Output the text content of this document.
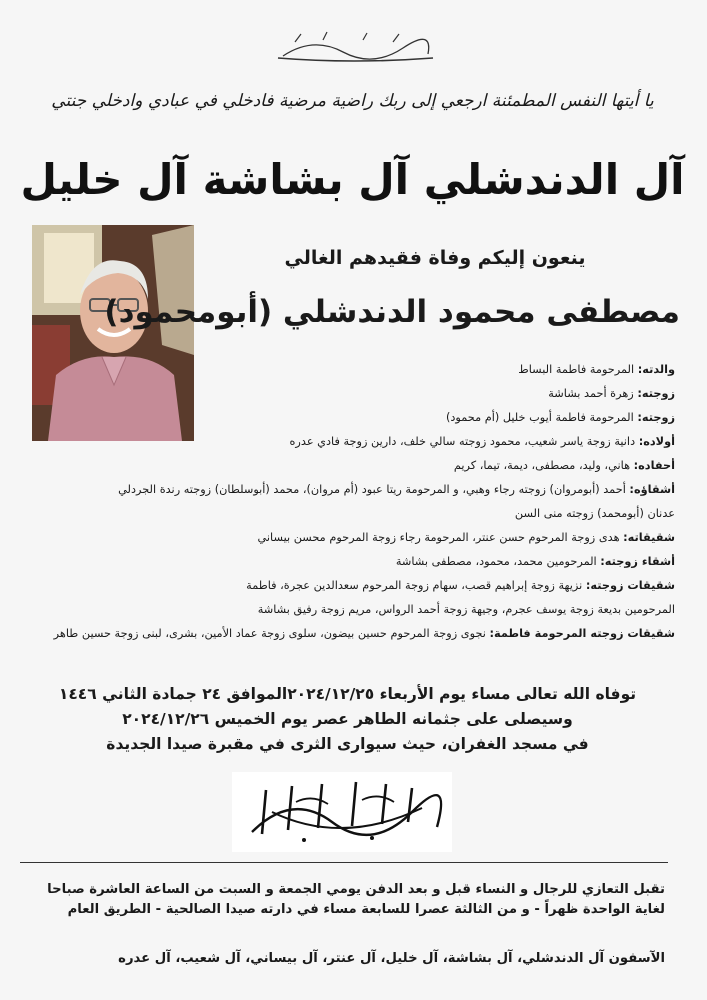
يا أيتها النفس المطمئنة ارجعي إلى ربك راضية مرضية فادخلي في عبادي وادخلي جنتي
آل الدندشلي آل بشاشة آل خليل
ينعون إليكم وفاة فقيدهم الغالي
مصطفى محمود الدندشلي (أبومحمود)
والدته: المرحومة فاطمة البساط
زوجته: زهرة أحمد بشاشة
زوجته: المرحومة فاطمة أيوب خليل (أم محمود)
أولاده: دانية زوجة ياسر شعيب، محمود زوجته سالي خلف، دارين زوجة فادي عدره
أحفاده: هاني، وليد، مصطفى، ديمة، تيما، كريم
أشقاؤه: أحمد (أبومروان) زوجته رجاء وهبي، و المرحومة ريتا عبود (أم مروان)، محمد (أبوسلطان) زوجته رندة الجردلي
عدنان (أبومحمد) زوجته منى السن
شقيقاته: هدى زوجة المرحوم حسن عنتر، المرحومة رجاء زوجة المرحوم محسن بيساني
أشقاء زوجته: المرحومين محمد، محمود، مصطفى بشاشة
شقيقات زوجته: نزيهة زوجة إبراهيم قصب، سهام زوجة المرحوم سعدالدين عجرة، فاطمة
المرحومين بديعة زوجة يوسف عجرم، وجيهة زوجة أحمد الرواس، مريم زوجة رفيق بشاشة
شقيقات زوجته المرحومة فاطمة: نجوى زوجة المرحوم حسين بيضون، سلوى زوجة عماد الأمين، بشرى، لبنى زوجة حسين طاهر
توفاه الله تعالى مساء يوم الأربعاء ٢٠٢٤/١٢/٢٥الموافق ٢٤ جمادة الثاني ١٤٤٦
وسيصلى على جثمانه الطاهر عصر يوم الخميس ٢٠٢٤/١٢/٢٦
في مسجد الغفران، حيث سيوارى الثرى في مقبرة صيدا الجديدة
تقبل التعازي للرجال و النساء قبل و بعد الدفن يومي الجمعة و السبت من الساعة العاشرة صباحا
لغاية الواحدة ظهراً - و من الثالثة عصرا للسابعة مساء في دارته صيدا الصالحية - الطريق العام
الآسفون آل الدندشلي، آل بشاشة، آل خليل، آل عنتر، آل بيساني، آل شعيب، آل عدره
